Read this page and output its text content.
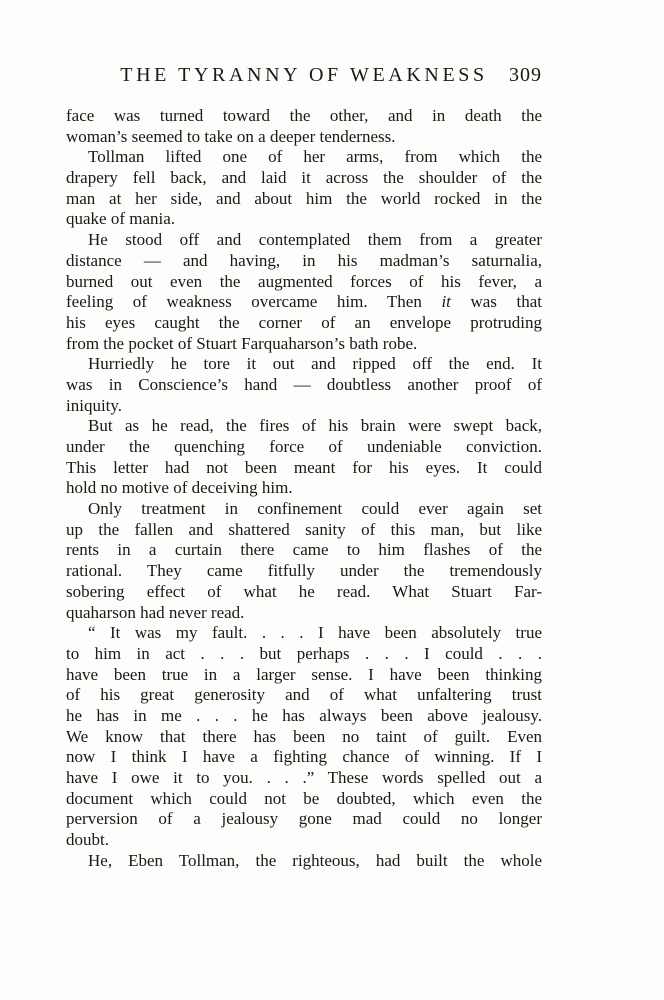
THE TYRANNY OF WEAKNESS	309
face was turned toward the other, and in death the
woman’s seemed to take on a deeper tenderness.
Tollman lifted one of her arms, from which the
drapery fell back, and laid it across the shoulder of the
man at her side, and about him the world rocked in the
quake of mania.
He stood off and contemplated them from a greater
distance — and having, in his madman’s saturnalia,
burned out even the augmented forces of his fever, a
feeling of weakness overcame him. Then it was that
his eyes caught the corner of an envelope protruding
from the pocket of Stuart Farquaharson’s bath robe.
Hurriedly he tore it out and ripped off the end. It
was in Conscience’s hand — doubtless another proof of
iniquity.
But as he read, the fires of his brain were swept back,
under the quenching force of undeniable conviction.
This letter had not been meant for his eyes. It could
hold no motive of deceiving him.
Only treatment in confinement could ever again set
up the fallen and shattered sanity of this man, but like
rents in a curtain there came to him flashes of the
rational. They came fitfully under the tremendously
sobering effect of what he read. What Stuart Far-
quaharson had never read.
“ It was my fault. . . . I have been absolutely true
to him in act . . . but perhaps . . . I could . . .
have been true in a larger sense. I have been thinking
of his great generosity and of what unfaltering trust
he has in me . . . he has always been above jealousy.
We know that there has been no taint of guilt. Even
now I think I have a fighting chance of winning. If I
have I owe it to you. . . .” These words spelled out a
document which could not be doubted, which even the
perversion of a jealousy gone mad could no longer
doubt.
He, Eben Tollman, the righteous, had built the whole
